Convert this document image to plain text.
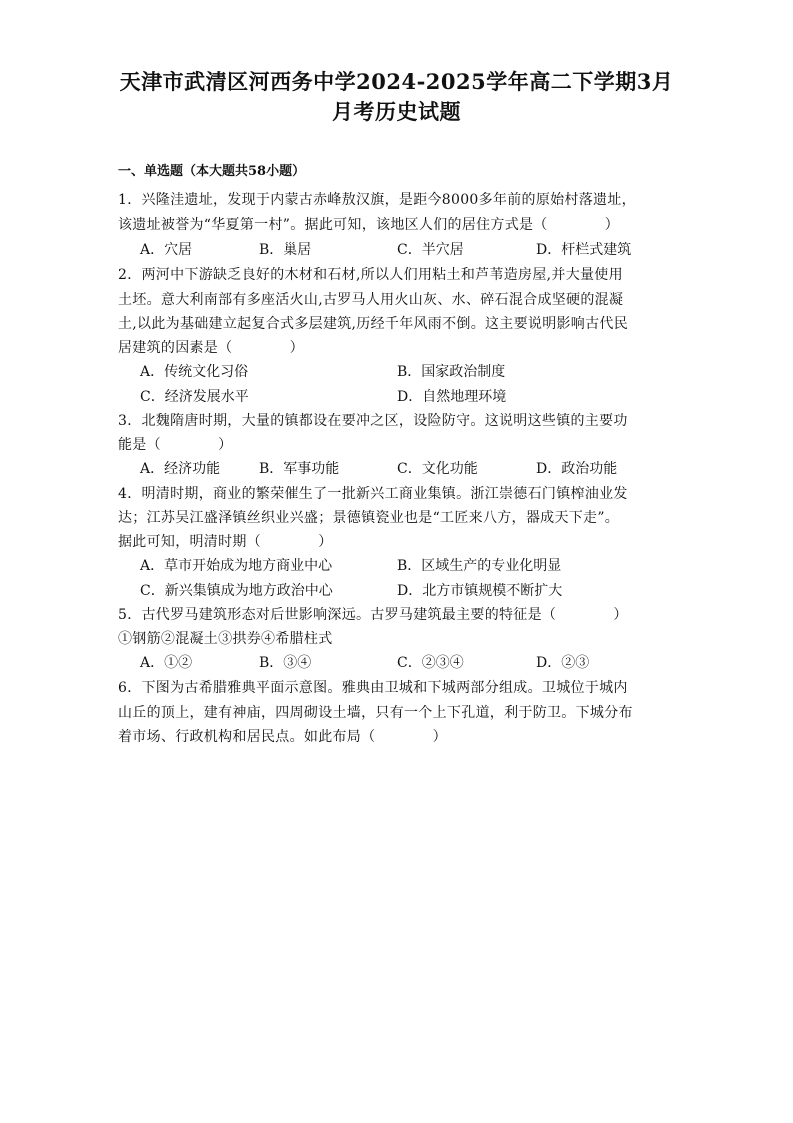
天津市武清区河西务中学2024-2025学年高二下学期3月
月考历史试题
一、单选题（本大题共58小题）
1．兴隆洼遗址，发现于内蒙古赤峰敖汉旗，是距今8000多年前的原始村落遗址，
该遗址被誉为“华夏第一村”。据此可知，该地区人们的居住方式是（　　　　）
A．穴居	B．巢居	C．半穴居	D．杆栏式建筑
2．两河中下游缺乏良好的木材和石材,所以人们用粘土和芦苇造房屋,并大量使用
土坯。意大利南部有多座活火山,古罗马人用火山灰、水、碎石混合成坚硬的混凝
土,以此为基础建立起复合式多层建筑,历经千年风雨不倒。这主要说明影响古代民
居建筑的因素是（　　　　）
A．传统文化习俗	B．国家政治制度
C．经济发展水平	D．自然地理环境
3．北魏隋唐时期，大量的镇都设在要冲之区，设险防守。这说明这些镇的主要功
能是（　　　　）
A．经济功能	B．军事功能	C．文化功能	D．政治功能
4．明清时期，商业的繁荣催生了一批新兴工商业集镇。浙江崇德石门镇榨油业发
达；江苏吴江盛泽镇丝织业兴盛；景德镇瓷业也是“工匠来八方，器成天下走”。
据此可知，明清时期（　　　　）
A．草市开始成为地方商业中心	B．区域生产的专业化明显
C．新兴集镇成为地方政治中心	D．北方市镇规模不断扩大
5．古代罗马建筑形态对后世影响深远。古罗马建筑最主要的特征是（　　　　）
①钢筋②混凝土③拱券④希腊柱式
A．①②	B．③④	C．②③④	D．②③
6．下图为古希腊雅典平面示意图。雅典由卫城和下城两部分组成。卫城位于城内
山丘的顶上，建有神庙，四周砌设土墙，只有一个上下孔道，利于防卫。下城分布
着市场、行政机构和居民点。如此布局（　　　　）
